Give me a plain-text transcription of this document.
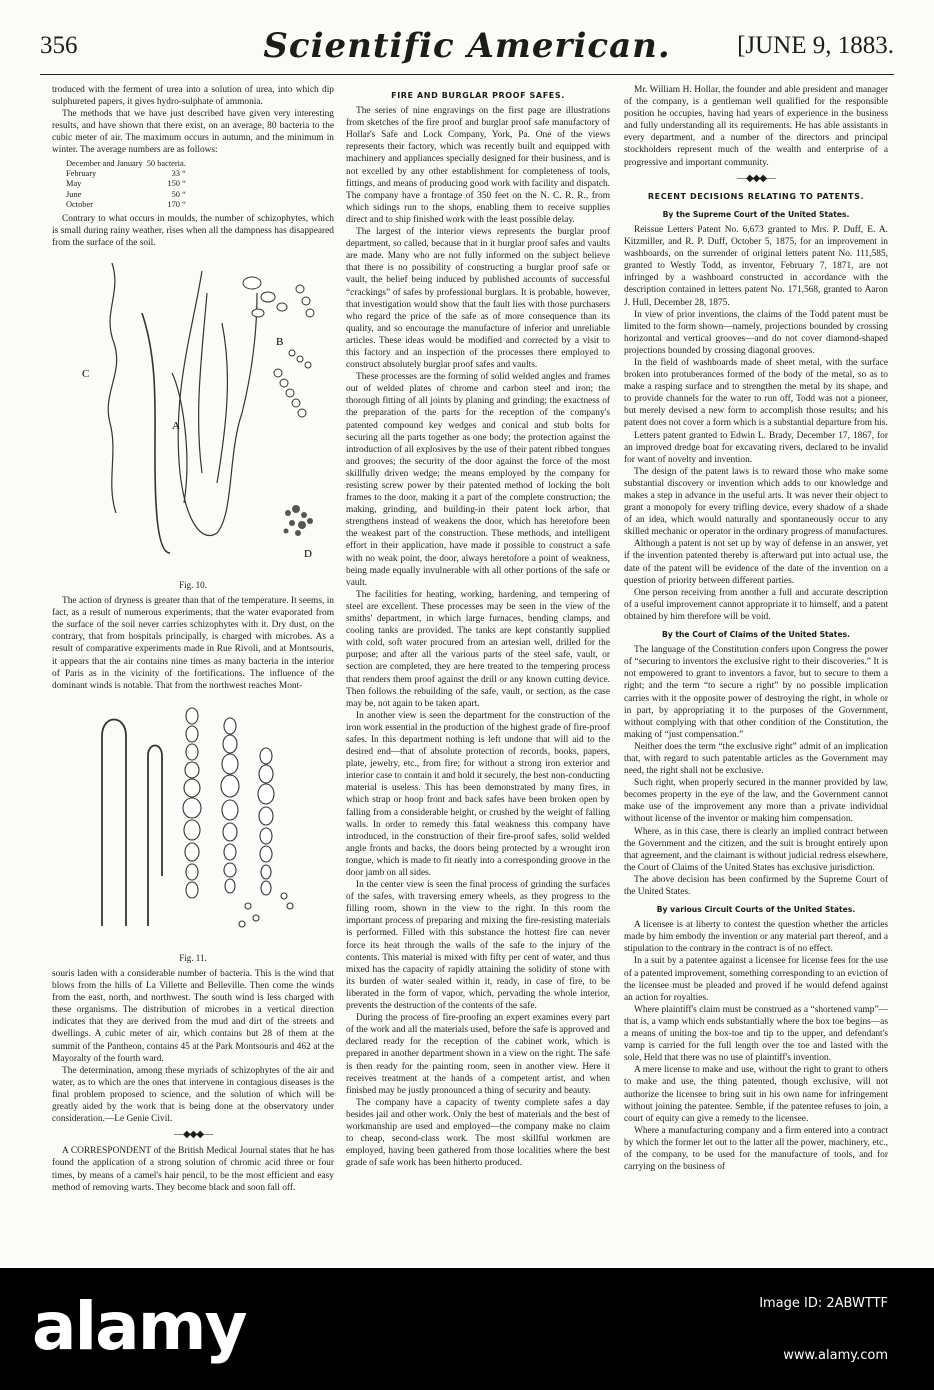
356	Scientific American.	[JUNE 9, 1883.

troduced with the ferment of urea into a solution of urea, into which dip sulphureted papers, it gives hydro-sulphate of ammonia.

The methods that we have just described have given very interesting results, and have shown that there exist, on an average, 80 bacteria to the cubic meter of air. The maximum occurs in autumn, and the minimum in winter. The average numbers are as follows:

December and January	50 bacteria.
February	33 “
May	150 “
June	50 “
October	170 “

Contrary to what occurs in moulds, the number of schizophytes, which is small during rainy weather, rises when all the dampness has disappeared from the surface of the soil.

B
C
A
D
Fig. 10.

The action of dryness is greater than that of the temperature. It seems, in fact, as a result of numerous experiments, that the water evaporated from the surface of the soil never carries schizophytes with it. Dry dust, on the contrary, that from hospitals principally, is charged with microbes. As a result of comparative experiments made in Rue Rivoli, and at Montsouris, it appears that the air contains nine times as many bacteria in the interior of Paris as in the vicinity of the fortifications. The influence of the dominant winds is notable. That from the northwest reaches Mont-

Fig. 11.

souris laden with a considerable number of bacteria. This is the wind that blows from the hills of La Villette and Belleville. Then come the winds from the east, north, and northwest. The south wind is less charged with these organisms. The distribution of microbes in a vertical direction indicates that they are derived from the mud and dirt of the streets and dwellings. A cubic meter of air, which contains but 28 of them at the summit of the Pantheon, contains 45 at the Park Montsouris and 462 at the Mayoralty of the fourth ward.

The determination, among these myriads of schizophytes of the air and water, as to which are the ones that intervene in contagious diseases is the final problem proposed to science, and the solution of which will be greatly aided by the work that is being done at the observatory under consideration.—Le Genie Civil.

—◆◆◆—

A CORRESPONDENT of the British Medical Journal states that he has found the application of a strong solution of chromic acid three or four times, by means of a camel's hair pencil, to be the most efficient and easy method of removing warts. They become black and soon fall off.

FIRE AND BURGLAR PROOF SAFES.

The series of nine engravings on the first page are illustrations from sketches of the fire proof and burglar proof safe manufactory of Hollar's Safe and Lock Company, York, Pa. One of the views represents their factory, which was recently built and equipped with machinery and appliances specially designed for their business, and is not excelled by any other establishment for completeness of tools, fittings, and means of producing good work with facility and dispatch. The company have a frontage of 350 feet on the N. C. R. R., from which sidings run to the shops, enabling them to receive supplies direct and to ship finished work with the least possible delay.

The largest of the interior views represents the burglar proof department, so called, because that in it burglar proof safes and vaults are made. Many who are not fully informed on the subject believe that there is no possibility of constructing a burglar proof safe or vault, the belief being induced by published accounts of successful “crackings” of safes by professional burglars. It is probable, however, that investigation would show that the fault lies with those purchasers who regard the price of the safe as of more consequence than its quality, and so encourage the manufacture of inferior and unreliable articles. These ideas would be modified and corrected by a visit to this factory and an inspection of the processes there employed to construct absolutely burglar proof safes and vaults.

These processes are the forming of solid welded angles and frames out of welded plates of chrome and carbon steel and iron; the thorough fitting of all joints by planing and grinding; the exactness of the preparation of the parts for the reception of the company's patented compound key wedges and conical and stub bolts for securing all the parts together as one body; the protection against the introduction of all explosives by the use of their patent ribbed tongues and grooves; the security of the door against the force of the most skillfully driven wedge; the means employed by the company for resisting screw power by their patented method of locking the bolt frames to the door, making it a part of the complete construction; the making, grinding, and building-in their patent lock arbor, that strengthens instead of weakens the door, which has heretofore been the weakest part of the construction. These methods, and intelligent effort in their application, have made it possible to construct a safe with no weak point, the door, always heretofore a point of weakness, being made equally invulnerable with all other portions of the safe or vault.

The facilities for heating, working, hardening, and tempering of steel are excellent. These processes may be seen in the view of the smiths' department, in which large furnaces, bending clamps, and cooling tanks are provided. The tanks are kept constantly supplied with cold, soft water procured from an artesian well, drilled for the purpose; and after all the various parts of the steel safe, vault, or section are completed, they are here treated to the tempering process that renders them proof against the drill or any known cutting device. Then follows the rebuilding of the safe, vault, or section, as the case may be, not again to be taken apart.

In another view is seen the department for the construction of the iron work essential in the production of the highest grade of fire-proof safes. In this department nothing is left undone that will aid to the desired end—that of absolute protection of records, books, papers, plate, jewelry, etc., from fire; for without a strong iron exterior and interior case to contain it and hold it securely, the best non-conducting material is useless. This has been demonstrated by many fires, in which strap or hoop front and back safes have been broken open by falling from a considerable height, or crushed by the weight of falling walls. In order to remedy this fatal weakness this company have introduced, in the construction of their fire-proof safes, solid welded angle fronts and backs, the doors being protected by a wrought iron tongue, which is made to fit neatly into a corresponding groove in the door jamb on all sides.

In the center view is seen the final process of grinding the surfaces of the safes, with traversing emery wheels, as they progress to the filling room, shown in the view to the right. In this room the important process of preparing and mixing the fire-resisting materials is performed. Filled with this substance the hottest fire can never force its heat through the walls of the safe to the injury of the contents. This material is mixed with fifty per cent of water, and thus mixed has the capacity of rapidly attaining the solidity of stone with its burden of water sealed within it, ready, in case of fire, to be liberated in the form of vapor, which, pervading the whole interior, prevents the destruction of the contents of the safe.

During the process of fire-proofing an expert examines every part of the work and all the materials used, before the safe is approved and declared ready for the reception of the cabinet work, which is prepared in another department shown in a view on the right. The safe is then ready for the painting room, seen in another view. Here it receives treatment at the hands of a competent artist, and when finished may be justly pronounced a thing of security and beauty.

The company have a capacity of twenty complete safes a day besides jail and other work. Only the best of materials and the best of workmanship are used and employed—the company make no claim to cheap, second-class work. The most skillful workmen are employed, having been gathered from those localities where the best grade of safe work has been hitherto produced.

Mr. William H. Hollar, the founder and able president and manager of the company, is a gentleman well qualified for the responsible position he occupies, having had years of experience in the business and fully understanding all its requirements. He has able assistants in every department, and a number of the directors and principal stockholders represent much of the wealth and enterprise of a progressive and important community.

—◆◆◆—
RECENT DECISIONS RELATING TO PATENTS.
By the Supreme Court of the United States.

Reissue Letters Patent No. 6,673 granted to Mrs. P. Duff, E. A. Kitzmiller, and R. P. Duff, October 5, 1875, for an improvement in washboards, on the surrender of original letters patent No. 111,585, granted to Westly Todd, as inventor, February 7, 1871, are not infringed by a washboard constructed in accordance with the description contained in letters patent No. 171,568, granted to Aaron J. Hull, December 28, 1875.

In view of prior inventions, the claims of the Todd patent must be limited to the form shown—namely, projections bounded by crossing horizontal and vertical grooves—and do not cover diamond-shaped projections bounded by crossing diagonal grooves.

In the field of washboards made of sheet metal, with the surface broken into protuberances formed of the body of the metal, so as to make a rasping surface and to strengthen the metal by its shape, and to provide channels for the water to run off, Todd was not a pioneer, but merely devised a new form to accomplish those results; and his patent does not cover a form which is a substantial departure from his.

Letters patent granted to Edwin L. Brady, December 17, 1867, for an improved dredge boat for excavating rivers, declared to be invalid for want of novelty and invention.

The design of the patent laws is to reward those who make some substantial discovery or invention which adds to our knowledge and makes a step in advance in the useful arts. It was never their object to grant a monopoly for every trifling device, every shadow of a shade of an idea, which would naturally and spontaneously occur to any skilled mechanic or operator in the ordinary progress of manufactures.

Although a patent is not set up by way of defense in an answer, yet if the invention patented thereby is afterward put into actual use, the date of the patent will be evidence of the date of the invention on a question of priority between different parties.

One person receiving from another a full and accurate description of a useful improvement cannot appropriate it to himself, and a patent obtained by him therefore will be void.

By the Court of Claims of the United States.

The language of the Constitution confers upon Congress the power of “securing to inventors the exclusive right to their discoveries.” It is not empowered to grant to inventors a favor, but to secure to them a right; and the term “to secure a right” by no possible implication carries with it the opposite power of destroying the right, in whole or in part, by appropriating it to the purposes of the Government, without complying with that other condition of the Constitution, the making of “just compensation.”

Neither does the term “the exclusive right” admit of an implication that, with regard to such patentable articles as the Government may need, the right shall not be exclusive.

Such right, when properly secured in the manner provided by law, becomes property in the eye of the law, and the Government cannot make use of the improvement any more than a private individual without license of the inventor or making him compensation.

Where, as in this case, there is clearly an implied contract between the Government and the citizen, and the suit is brought entirely upon that agreement, and the claimant is without judicial redress elsewhere, the Court of Claims of the United States has exclusive jurisdiction.

The above decision has been confirmed by the Supreme Court of the United States.

By various Circuit Courts of the United States.

A licensee is at liberty to contest the question whether the articles made by him embody the invention or any material part thereof, and a stipulation to the contrary in the contract is of no effect.

In a suit by a patentee against a licensee for license fees for the use of a patented improvement, something corresponding to an eviction of the licensee must be pleaded and proved if he would defend against an action for royalties.

Where plaintiff's claim must be construed as a “shortened vamp”—that is, a vamp which ends substantially where the box toe begins—as a means of uniting the box-toe and tip to the upper, and defendant's vamp is carried for the full length over the toe and lasted with the sole, Held that there was no use of plaintiff's invention.

A mere license to make and use, without the right to grant to others to make and use, the thing patented, though exclusive, will not authorize the licensee to bring suit in his own name for infringement without joining the patentee. Semble, if the patentee refuses to join, a court of equity can give a remedy to the licensee.

Where a manufacturing company and a firm entered into a contract by which the former let out to the latter all the power, machinery, etc., of the company, to be used for the manufacture of tools, and for carrying on the business of

alamy	Image ID: 2ABWTTF
www.alamy.com
